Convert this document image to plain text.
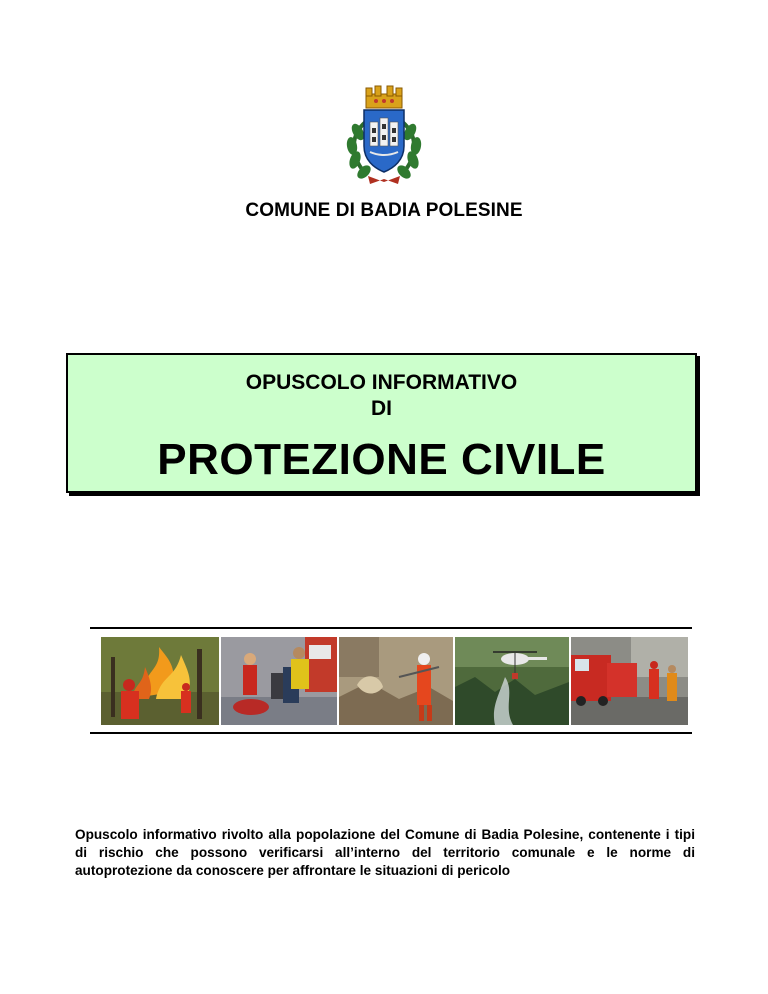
COMUNE DI BADIA POLESINE
OPUSCOLO INFORMATIVO
DI
PROTEZIONE CIVILE
Opuscolo informativo rivolto alla popolazione del Comune di Badia Polesine, contenente i tipi di rischio che possono verificarsi all’interno del territorio comunale e le norme di autoprotezione da conoscere per affrontare le situazioni di pericolo
